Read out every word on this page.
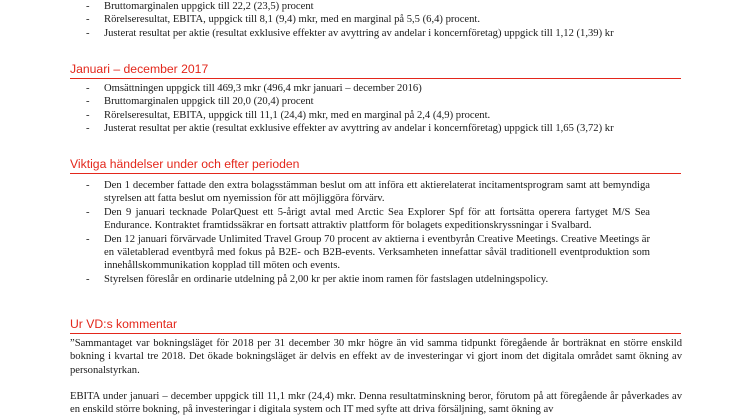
- Bruttomarginalen uppgick till 22,2 (23,5) procent
- Rörelseresultat, EBITA, uppgick till 8,1 (9,4) mkr, med en marginal på 5,5 (6,4) procent.
- Justerat resultat per aktie (resultat exklusive effekter av avyttring av andelar i koncernföretag) uppgick till 1,12 (1,39) kr
Januari – december 2017
- Omsättningen uppgick till 469,3 mkr (496,4 mkr januari – december 2016)
- Bruttomarginalen uppgick till 20,0 (20,4) procent
- Rörelseresultat, EBITA, uppgick till 11,1 (24,4) mkr, med en marginal på 2,4 (4,9) procent.
- Justerat resultat per aktie (resultat exklusive effekter av avyttring av andelar i koncernföretag) uppgick till 1,65 (3,72) kr
Viktiga händelser under och efter perioden
- Den 1 december fattade den extra bolagsstämman beslut om att införa ett aktierelaterat incitamentsprogram samt att bemyndiga styrelsen att fatta beslut om nyemission för att möjliggöra förvärv.
- Den 9 januari tecknade PolarQuest ett 5-årigt avtal med Arctic Sea Explorer Spf för att fortsätta operera fartyget M/S Sea Endurance. Kontraktet framtidssäkrar en fortsatt attraktiv plattform för bolagets expeditionskryssningar i Svalbard.
- Den 12 januari förvärvade Unlimited Travel Group 70 procent av aktierna i eventbyrån Creative Meetings. Creative Meetings är en väletablerad eventbyrå med fokus på B2E- och B2B-events. Verksamheten innefattar såväl traditionell eventproduktion som innehållskommunikation kopplad till möten och events.
- Styrelsen föreslår en ordinarie utdelning på 2,00 kr per aktie inom ramen för fastslagen utdelningspolicy.
Ur VD:s kommentar

”Sammantaget var bokningsläget för 2018 per 31 december 30 mkr högre än vid samma tidpunkt föregående år borträknat en större enskild bokning i kvartal tre 2018. Det ökade bokningsläget är delvis en effekt av de investeringar vi gjort inom det digitala området samt ökning av personalstyrkan.

EBITA under januari – december uppgick till 11,1 mkr (24,4) mkr. Denna resultatminskning beror, förutom på att föregående år påverkades av en enskild större bokning, på investeringar i digitala system och IT med syfte att driva försäljning, samt ökning av
